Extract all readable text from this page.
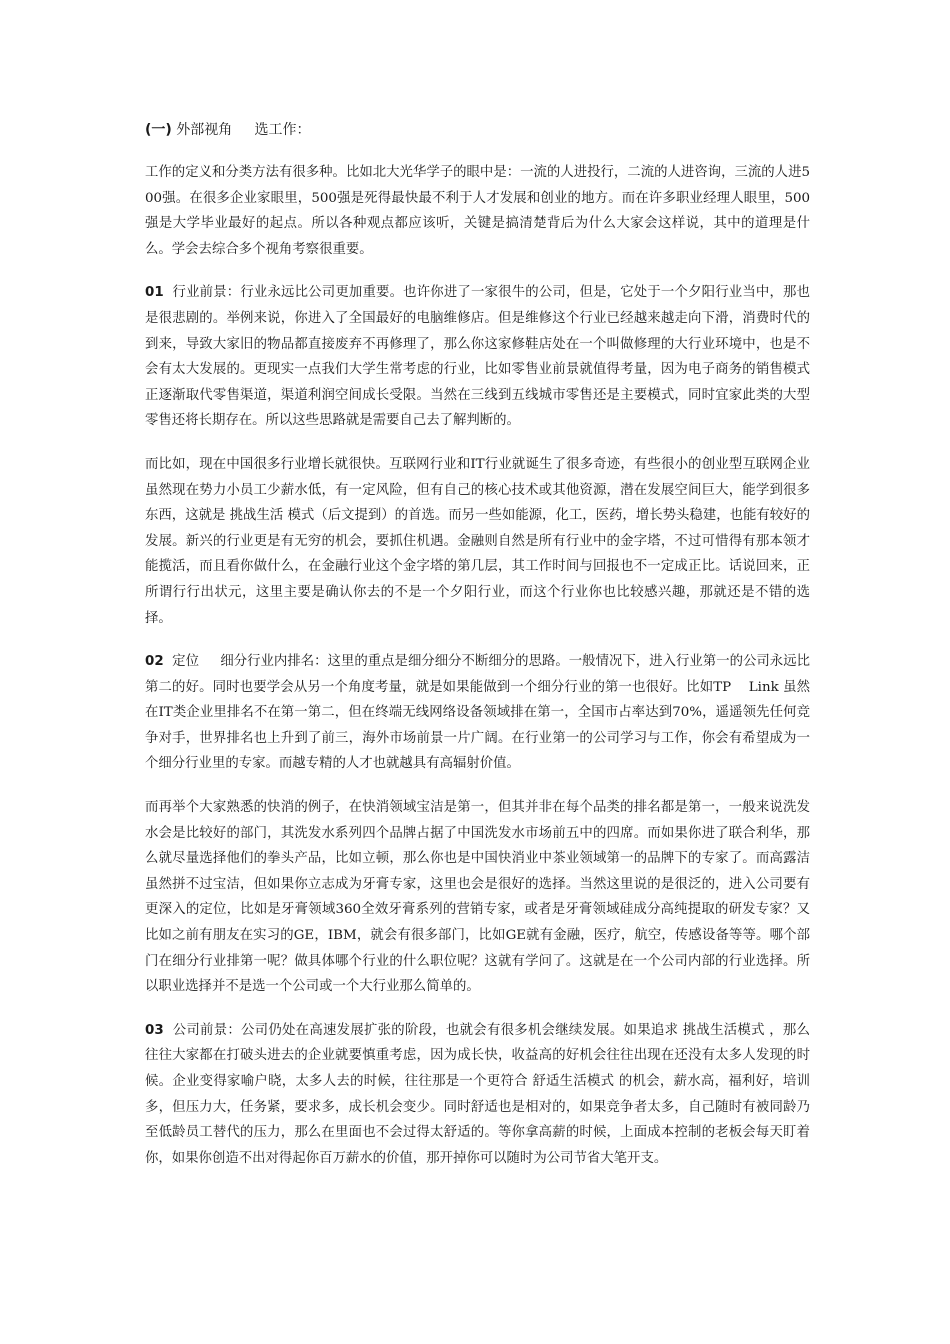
(一) 外部视角     选工作：

工作的定义和分类方法有很多种。比如北大光华学子的眼中是：一流的人进投行，二流的人进咨询，三流的人进500强。在很多企业家眼里，500强是死得最快最不利于人才发展和创业的地方。而在许多职业经理人眼里，500强是大学毕业最好的起点。所以各种观点都应该听，关键是搞清楚背后为什么大家会这样说，其中的道理是什么。学会去综合多个视角考察很重要。

01  行业前景：行业永远比公司更加重要。也许你进了一家很牛的公司，但是，它处于一个夕阳行业当中，那也是很悲剧的。举例来说，你进入了全国最好的电脑维修店。但是维修这个行业已经越来越走向下滑，消费时代的到来，导致大家旧的物品都直接废弃不再修理了，那么你这家修鞋店处在一个叫做修理的大行业环境中，也是不会有太大发展的。更现实一点我们大学生常考虑的行业，比如零售业前景就值得考量，因为电子商务的销售模式正逐渐取代零售渠道，渠道利润空间成长受限。当然在三线到五线城市零售还是主要模式，同时宜家此类的大型零售还将长期存在。所以这些思路就是需要自己去了解判断的。

而比如，现在中国很多行业增长就很快。互联网行业和IT行业就诞生了很多奇迹，有些很小的创业型互联网企业虽然现在势力小员工少薪水低，有一定风险，但有自己的核心技术或其他资源，潜在发展空间巨大，能学到很多东西，这就是 挑战生活 模式（后文提到）的首选。而另一些如能源，化工，医药，增长势头稳建，也能有较好的发展。新兴的行业更是有无穷的机会，要抓住机遇。金融则自然是所有行业中的金字塔，不过可惜得有那本领才能揽活，而且看你做什么，在金融行业这个金字塔的第几层，其工作时间与回报也不一定成正比。话说回来，正所谓行行出状元，这里主要是确认你去的不是一个夕阳行业，而这个行业你也比较感兴趣，那就还是不错的选择。

02  定位     细分行业内排名：这里的重点是细分细分不断细分的思路。一般情况下，进入行业第一的公司永远比第二的好。同时也要学会从另一个角度考量，就是如果能做到一个细分行业的第一也很好。比如TP    Link 虽然在IT类企业里排名不在第一第二，但在终端无线网络设备领域排在第一，全国市占率达到70%，遥遥领先任何竞争对手，世界排名也上升到了前三，海外市场前景一片广阔。在行业第一的公司学习与工作，你会有希望成为一个细分行业里的专家。而越专精的人才也就越具有高辐射价值。

而再举个大家熟悉的快消的例子，在快消领域宝洁是第一，但其并非在每个品类的排名都是第一，一般来说洗发水会是比较好的部门，其洗发水系列四个品牌占据了中国洗发水市场前五中的四席。而如果你进了联合利华，那么就尽量选择他们的拳头产品，比如立顿，那么你也是中国快消业中茶业领域第一的品牌下的专家了。而高露洁虽然拼不过宝洁，但如果你立志成为牙膏专家，这里也会是很好的选择。当然这里说的是很泛的，进入公司要有更深入的定位，比如是牙膏领域360全效牙膏系列的营销专家，或者是牙膏领域硅成分高纯提取的研发专家？又比如之前有朋友在实习的GE，IBM，就会有很多部门，比如GE就有金融，医疗，航空，传感设备等等。哪个部门在细分行业排第一呢？做具体哪个行业的什么职位呢？这就有学问了。这就是在一个公司内部的行业选择。所以职业选择并不是选一个公司或一个大行业那么简单的。

03  公司前景：公司仍处在高速发展扩张的阶段，也就会有很多机会继续发展。如果追求 挑战生活模式 ，那么往往大家都在打破头进去的企业就要慎重考虑，因为成长快，收益高的好机会往往出现在还没有太多人发现的时候。企业变得家喻户晓，太多人去的时候，往往那是一个更符合 舒适生活模式 的机会，薪水高，福利好，培训多，但压力大，任务紧，要求多，成长机会变少。同时舒适也是相对的，如果竞争者太多，自己随时有被同龄乃至低龄员工替代的压力，那么在里面也不会过得太舒适的。等你拿高薪的时候，上面成本控制的老板会每天盯着你，如果你创造不出对得起你百万薪水的价值，那开掉你可以随时为公司节省大笔开支。
